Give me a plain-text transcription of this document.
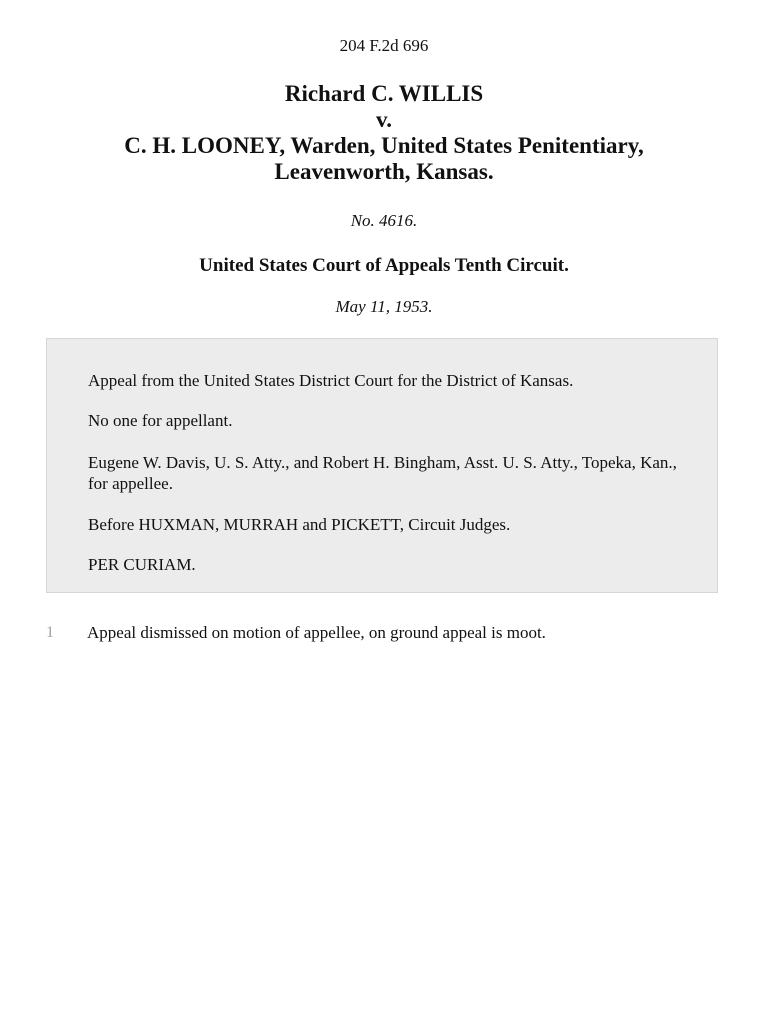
204 F.2d 696
Richard C. WILLIS
v.
C. H. LOONEY, Warden, United States Penitentiary,
Leavenworth, Kansas.
No. 4616.
United States Court of Appeals Tenth Circuit.
May 11, 1953.

Appeal from the United States District Court for the District of Kansas.

No one for appellant.

Eugene W. Davis, U. S. Atty., and Robert H. Bingham, Asst. U. S. Atty., Topeka, Kan., for appellee.

Before HUXMAN, MURRAH and PICKETT, Circuit Judges.

PER CURIAM.

1 Appeal dismissed on motion of appellee, on ground appeal is moot.
